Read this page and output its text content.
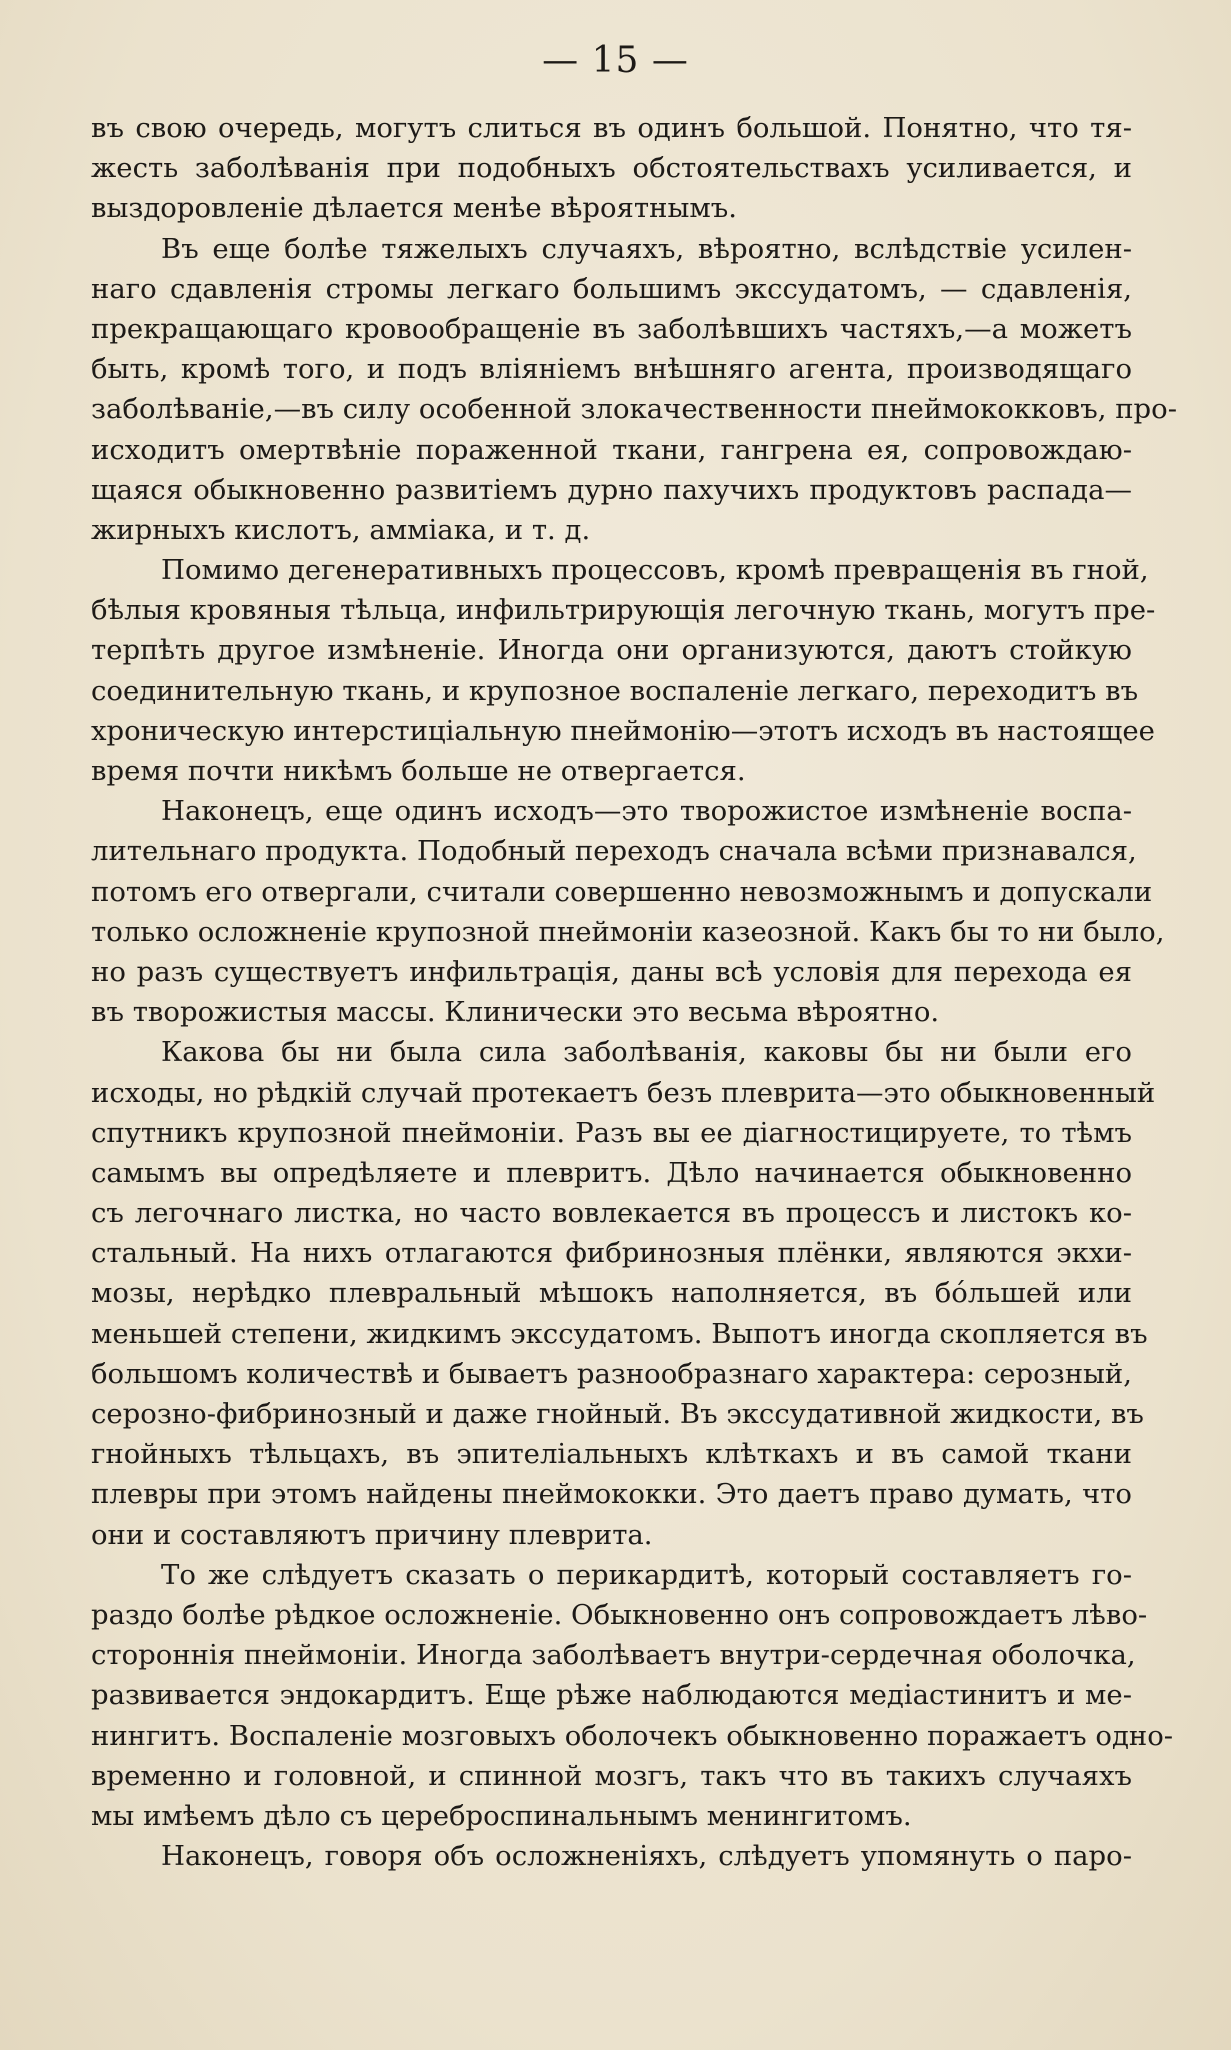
— 15 —
въ свою очередь, могутъ слиться въ одинъ большой. Понятно, что тя-
жесть заболѣванія при подобныхъ обстоятельствахъ усиливается, и
выздоровленіе дѣлается менѣе вѣроятнымъ.
Въ еще болѣе тяжелыхъ случаяхъ, вѣроятно, вслѣдствіе усилен-
наго сдавленія стромы легкаго большимъ экссудатомъ, — сдавленія,
прекращающаго кровообращеніе въ заболѣвшихъ частяхъ,—а можетъ
быть, кромѣ того, и подъ вліяніемъ внѣшняго агента, производящаго
заболѣваніе,—въ силу особенной злокачественности пнеймококковъ, про-
исходитъ омертвѣніе пораженной ткани, гангрена ея, сопровождаю-
щаяся обыкновенно развитіемъ дурно пахучихъ продуктовъ распада—
жирныхъ кислотъ, амміака, и т. д.
Помимо дегенеративныхъ процессовъ, кромѣ превращенія въ гной,
бѣлыя кровяныя тѣльца, инфильтрирующія легочную ткань, могутъ пре-
терпѣть другое измѣненіе. Иногда они организуются, даютъ стойкую
соединительную ткань, и крупозное воспаленіе легкаго, переходитъ въ
хроническую интерстиціальную пнеймонію—этотъ исходъ въ настоящее
время почти никѣмъ больше не отвергается.
Наконецъ, еще одинъ исходъ—это творожистое измѣненіе воспа-
лительнаго продукта. Подобный переходъ сначала всѣми признавался,
потомъ его отвергали, считали совершенно невозможнымъ и допускали
только осложненіе крупозной пнеймоніи казеозной. Какъ бы то ни было,
но разъ существуетъ инфильтрація, даны всѣ условія для перехода ея
въ творожистыя массы. Клинически это весьма вѣроятно.
Какова бы ни была сила заболѣванія, каковы бы ни были его
исходы, но рѣдкій случай протекаетъ безъ плеврита—это обыкновенный
спутникъ крупозной пнеймоніи. Разъ вы ее діагностицируете, то тѣмъ
самымъ вы опредѣляете и плевритъ. Дѣло начинается обыкновенно
съ легочнаго листка, но часто вовлекается въ процессъ и листокъ ко-
стальный. На нихъ отлагаются фибринозныя плёнки, являются экхи-
мозы, нерѣдко плевральный мѣшокъ наполняется, въ бо́льшей или
меньшей степени, жидкимъ экссудатомъ. Выпотъ иногда скопляется въ
большомъ количествѣ и бываетъ разнообразнаго характера: серозный,
серозно-фибринозный и даже гнойный. Въ экссудативной жидкости, въ
гнойныхъ тѣльцахъ, въ эпителіальныхъ клѣткахъ и въ самой ткани
плевры при этомъ найдены пнеймококки. Это даетъ право думать, что
они и составляютъ причину плеврита.
То же слѣдуетъ сказать о перикардитѣ, который составляетъ го-
раздо болѣе рѣдкое осложненіе. Обыкновенно онъ сопровождаетъ лѣво-
стороннія пнеймоніи. Иногда заболѣваетъ внутри-сердечная оболочка,
развивается эндокардитъ. Еще рѣже наблюдаются медіастинитъ и ме-
нингитъ. Воспаленіе мозговыхъ оболочекъ обыкновенно поражаетъ одно-
временно и головной, и спинной мозгъ, такъ что въ такихъ случаяхъ
мы имѣемъ дѣло съ цереброспинальнымъ менингитомъ.
Наконецъ, говоря объ осложненіяхъ, слѣдуетъ упомянуть о паро-
